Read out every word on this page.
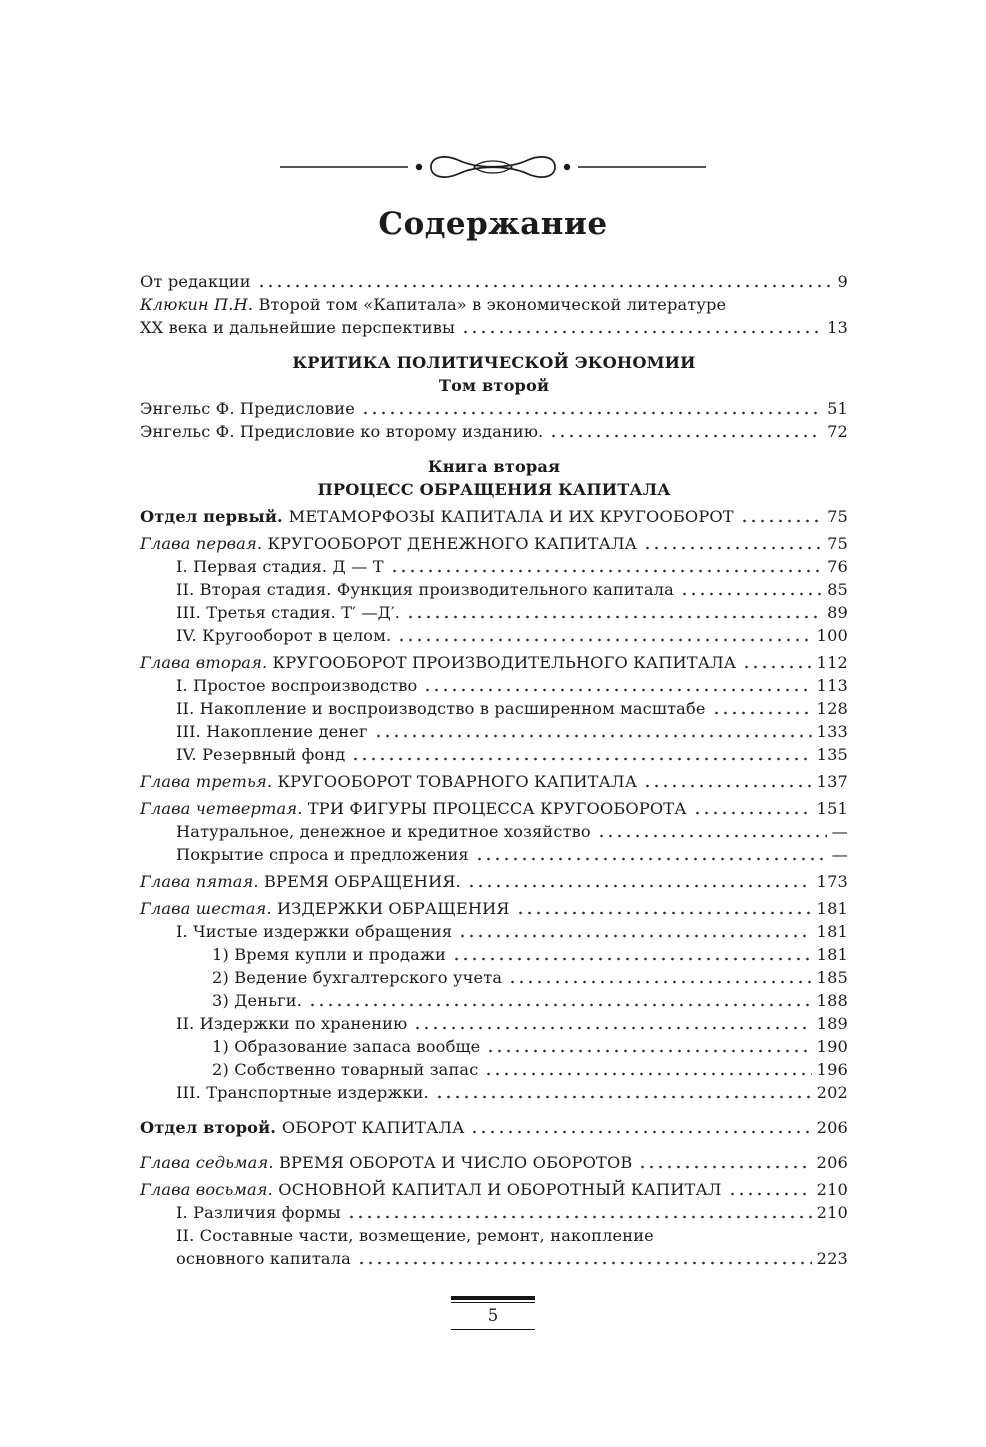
Содержание
От редакции	9
Клюкин П.Н. Второй том «Капитала» в экономической литературе
ХХ века и дальнейшие перспективы	13
КРИТИКА ПОЛИТИЧЕСКОЙ ЭКОНОМИИ
Том второй
Энгельс Ф. Предисловие	51
Энгельс Ф. Предисловие ко второму изданию.	72
Книга вторая
ПРОЦЕСС ОБРАЩЕНИЯ КАПИТАЛА
Отдел первый. МЕТАМОРФОЗЫ КАПИТАЛА И ИХ КРУГООБОРОТ	75
Глава первая. КРУГООБОРОТ ДЕНЕЖНОГО КАПИТАЛА	75
I. Первая стадия. Д — Т	76
II. Вторая стадия. Функция производительного капитала	85
III. Третья стадия. Т′ —Д′.	89
IV. Кругооборот в целом.	100
Глава вторая. КРУГООБОРОТ ПРОИЗВОДИТЕЛЬНОГО КАПИТАЛА	112
I. Простое воспроизводство	113
II. Накопление и воспроизводство в расширенном масштабе	128
III. Накопление денег	133
IV. Резервный фонд	135
Глава третья. КРУГООБОРОТ ТОВАРНОГО КАПИТАЛА	137
Глава четвертая. ТРИ ФИГУРЫ ПРОЦЕССА КРУГООБОРОТА	151
Натуральное, денежное и кредитное хозяйство	—
Покрытие спроса и предложения	—
Глава пятая. ВРЕМЯ ОБРАЩЕНИЯ.	173
Глава шестая. ИЗДЕРЖКИ ОБРАЩЕНИЯ	181
I. Чистые издержки обращения	181
1) Время купли и продажи	181
2) Ведение бухгалтерского учета	185
3) Деньги.	188
II. Издержки по хранению	189
1) Образование запаса вообще	190
2) Собственно товарный запас	196
III. Транспортные издержки.	202
Отдел второй. ОБОРОТ КАПИТАЛА	206
Глава седьмая. ВРЕМЯ ОБОРОТА И ЧИСЛО ОБОРОТОВ	206
Глава восьмая. ОСНОВНОЙ КАПИТАЛ И ОБОРОТНЫЙ КАПИТАЛ	210
I. Различия формы	210
II. Составные части, возмещение, ремонт, накопление
основного капитала	223
5
